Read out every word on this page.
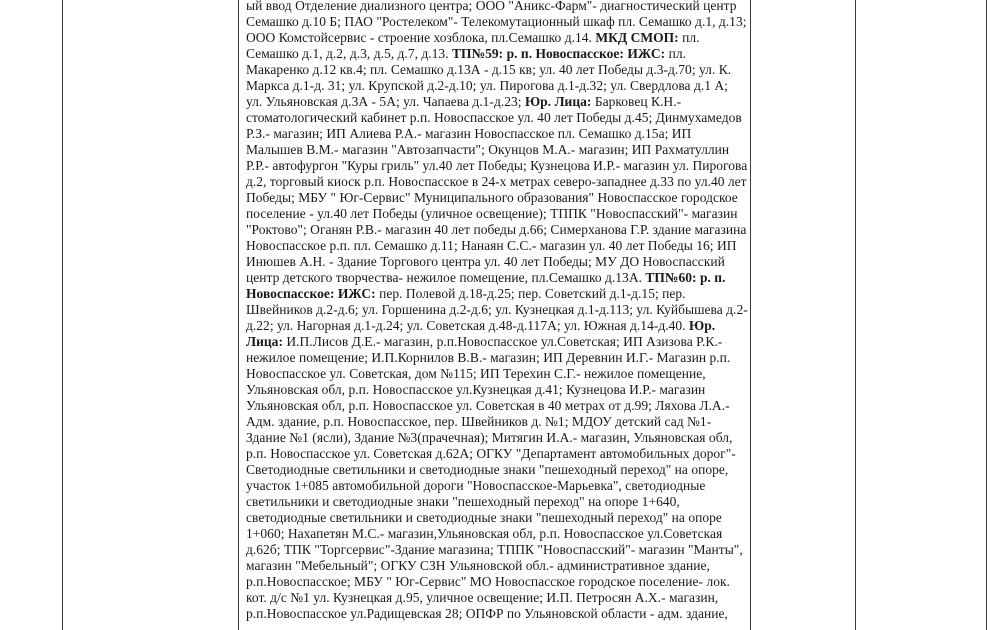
ый ввод Отделение диализного центра; ООО "Аникс-Фарм"- диагностический центр
Семашко д.10 Б; ПАО "Ростелеком"- Телекомутационный шкаф пл. Семашко д.1, д.13;
ООО Комстойсервис - строение хозблока, пл.Семашко д.14. МКД СМОП: пл.
Семашко д.1, д.2, д.3, д.5, д.7, д.13. ТП№59: р. п. Новоспасское: ИЖС: пл.
Макаренко д.12 кв.4; пл. Семашко д.13А - д.15 кв; ул. 40 лет Победы д.3-д.70; ул. К.
Маркса д.1-д. 31; ул. Крупской д.2-д.10; ул. Пирогова д.1-д.32; ул. Свердлова д.1 А;
ул. Ульяновская д.3А - 5А; ул. Чапаева д.1-д.23; Юр. Лица: Барковец К.Н.-
стоматологический кабинет р.п. Новоспасское ул. 40 лет Победы д.45; Динмухамедов
Р.З.- магазин; ИП Алиева Р.А.- магазин Новоспасское пл. Семашко д.15а; ИП
Малышев В.М.- магазин "Автозапчасти"; Окунцов М.А.- магазин; ИП Рахматуллин
Р.Р.- автофургон "Куры гриль" ул.40 лет Победы; Кузнецова И.Р.- магазин ул. Пирогова
д.2, торговый киоск р.п. Новоспасское в 24-х метрах северо-западнее д.33 по ул.40 лет
Победы; МБУ " Юг-Сервис" Муниципального образования" Новоспасское городское
поселение - ул.40 лет Победы (уличное освещение); ТППК "Новоспасский"- магазин
"Роктово"; Оганян Р.В.- магазин 40 лет победы д.66; Симерханова Г.Р. здание магазина
Новоспасское р.п. пл. Семашко д.11; Нанаян С.С.- магазин ул. 40 лет Победы 16; ИП
Инюшев А.Н. - Здание Торгового центра ул. 40 лет Победы; МУ ДО Новоспасский
центр детского творчества- нежилое помещение, пл.Семашко д.13А. ТП№60: р. п.
Новоспасское: ИЖС: пер. Полевой д.18-д.25; пер. Советский д.1-д.15; пер.
Швейников д.2-д.6; ул. Горшенина д.2-д.6; ул. Кузнецкая д.1-д.113; ул. Куйбышева д.2-
д.22; ул. Нагорная д.1-д.24; ул. Советская д.48-д.117А; ул. Южная д.14-д.40. Юр.
Лица: И.П.Лисов Д.Е.- магазин, р.п.Новоспасское ул.Советская; ИП Азизова Р.К.-
нежилое помещение; И.П.Корнилов В.В.- магазин; ИП Деревнин И.Г.- Магазин р.п.
Новоспасское ул. Советская, дом №115; ИП Терехин С.Г.- нежилое помещение,
Ульяновская обл, р.п. Новоспасское ул.Кузнецкая д.41; Кузнецова И.Р.- магазин
Ульяновская обл, р.п. Новоспасское ул. Советская в 40 метрах от д.99; Ляхова Л.А.-
Адм. здание, р.п. Новоспасское, пер. Швейников д. №1; МДОУ детский сад №1-
Здание №1 (ясли), Здание №3(прачечная); Митягин И.А.- магазин, Ульяновская обл,
р.п. Новоспасское ул. Советская д.62А; ОГКУ "Департамент автомобильных дорог"-
Светодиодные светильники и светодиодные знаки "пешеходный переход" на опоре,
участок 1+085 автомобильной дороги "Новоспасское-Марьевка", светодиодные
светильники и светодиодные знаки "пешеходный переход" на опоре 1+640,
светодиодные светильники и светодиодные знаки "пешеходный переход" на опоре
1+060; Нахапетян М.С.- магазин,Ульяновская обл, р.п. Новоспасское ул.Советская
д.62б; ТПК "Торгсервис"-Здание магазина; ТППК "Новоспасский"- магазин "Манты",
магазин "Мебельный"; ОГКУ СЗН Ульяновской обл.- административное здание,
р.п.Новоспасское; МБУ " Юг-Сервис" МО Новоспасское городское поселение- лок.
кот. д/с №1 ул. Кузнецкая д.95, уличное освещение; И.П. Петросян А.Х.- магазин,
р.п.Новоспасское ул.Радищевская 28; ОПФР по Ульяновской области - адм. здание,
